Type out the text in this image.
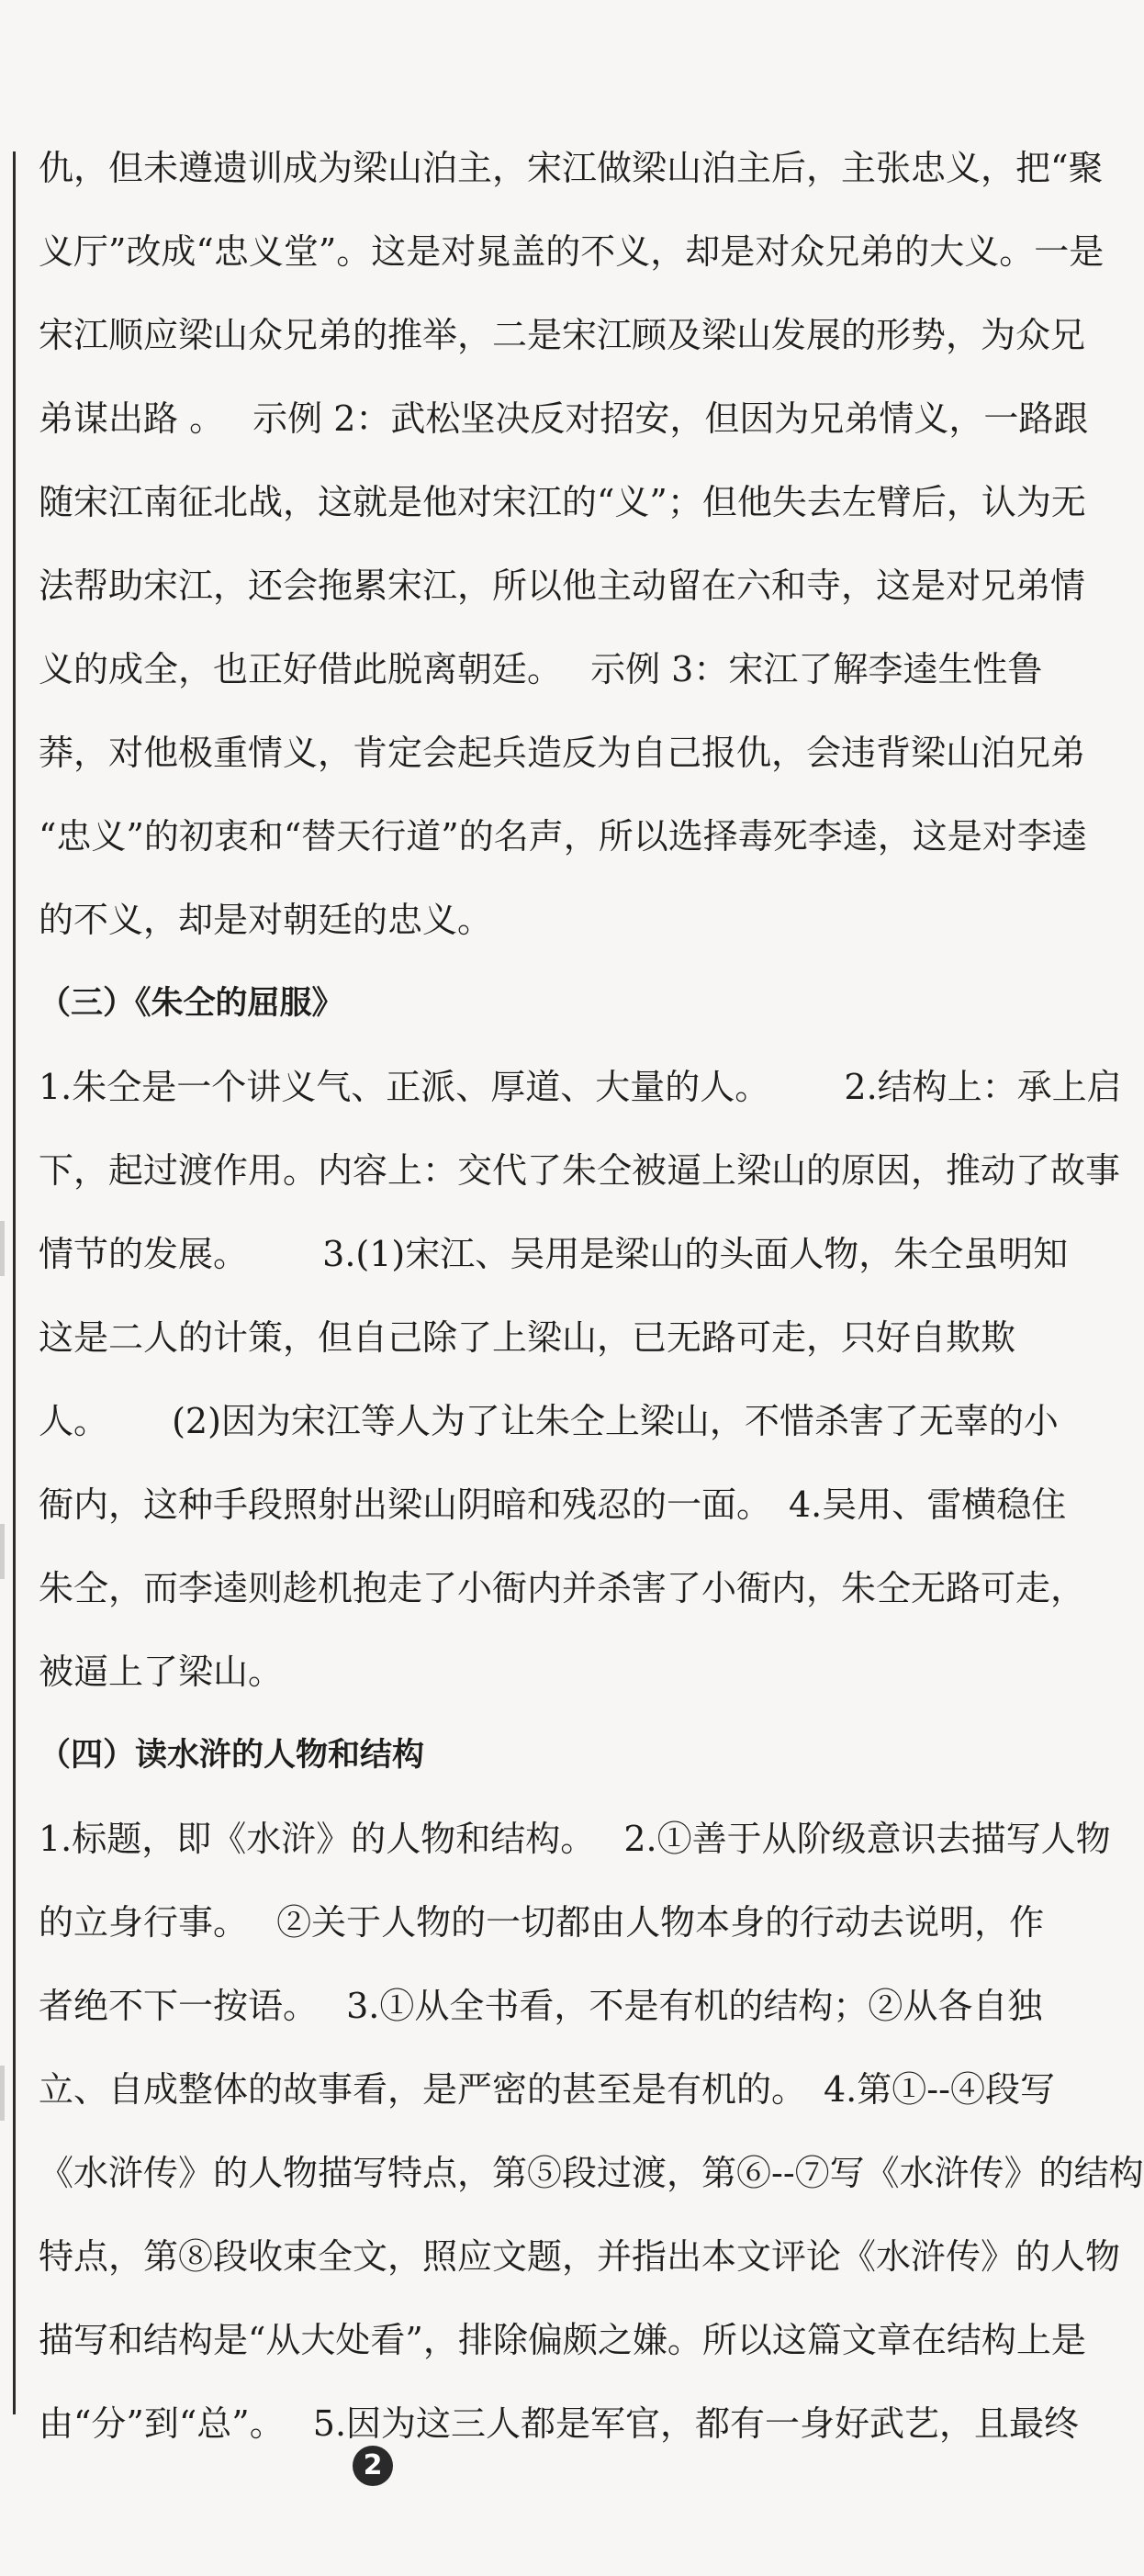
仇，但未遵遗训成为梁山泊主，宋江做梁山泊主后，主张忠义，把“聚
义厅”改成“忠义堂”。这是对晁盖的不义，却是对众兄弟的大义。一是
宋江顺应梁山众兄弟的推举，二是宋江顾及梁山发展的形势，为众兄
弟谋出路 。　 示例 2：武松坚决反对招安，但因为兄弟情义，一路跟
随宋江南征北战，这就是他对宋江的“义”；但他失去左臂后，认为无
法帮助宋江，还会拖累宋江，所以他主动留在六和寺，这是对兄弟情
义的成全，也正好借此脱离朝廷。　 示例 3：宋江了解李逵生性鲁
莽，对他极重情义，肯定会起兵造反为自己报仇，会违背梁山泊兄弟
“忠义”的初衷和“替天行道”的名声，所以选择毒死李逵，这是对李逵
的不义，却是对朝廷的忠义。
（三）《朱仝的屈服》
1.朱仝是一个讲义气、正派、厚道、大量的人。　 　 2.结构上：承上启
下，起过渡作用。内容上：交代了朱仝被逼上梁山的原因，推动了故事
情节的发展。　 　 3.(1)宋江、吴用是梁山的头面人物，朱仝虽明知
这是二人的计策，但自己除了上梁山，已无路可走，只好自欺欺
人。　 　(2)因为宋江等人为了让朱仝上梁山，不惜杀害了无辜的小
衙内，这种手段照射出梁山阴暗和残忍的一面。　4.吴用、雷横稳住
朱仝，而李逵则趁机抱走了小衙内并杀害了小衙内，朱仝无路可走，
被逼上了梁山。
（四）读水浒的人物和结构
1.标题，即《水浒》的人物和结构。　 2.①善于从阶级意识去描写人物
的立身行事。　 ②关于人物的一切都由人物本身的行动去说明，作
者绝不下一按语。　 3.①从全书看，不是有机的结构；②从各自独
立、自成整体的故事看，是严密的甚至是有机的。　4.第①--④段写
《水浒传》的人物描写特点，第⑤段过渡，第⑥--⑦写《水浒传》的结构
特点，第⑧段收束全文，照应文题，并指出本文评论《水浒传》的人物
描写和结构是“从大处看”，排除偏颇之嫌。所以这篇文章在结构上是
由“分”到“总”。　 5.因为这三人都是军官，都有一身好武艺，且最终
2
